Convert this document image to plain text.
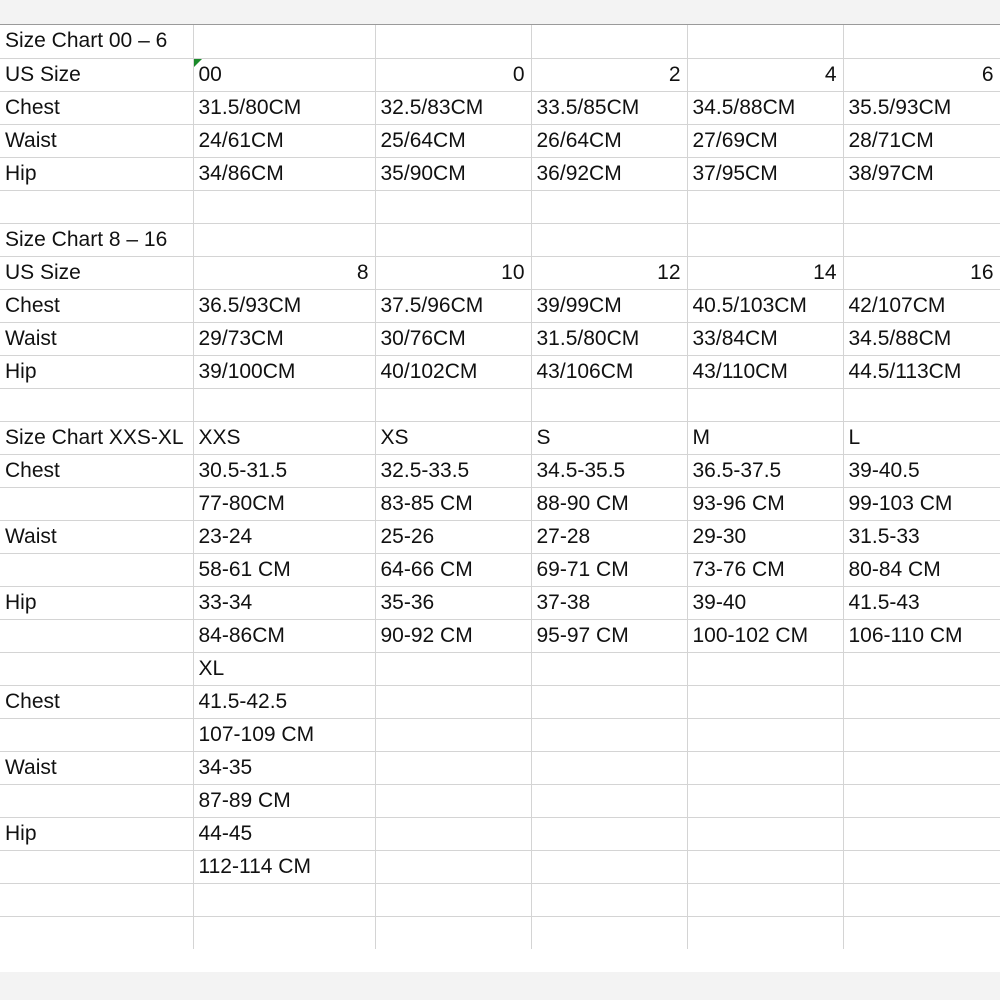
Size Chart 00 – 6					
US Size	00	0	2	4	6
Chest	31.5/80CM	32.5/83CM	33.5/85CM	34.5/88CM	35.5/93CM
Waist	24/61CM	25/64CM	26/64CM	27/69CM	28/71CM
Hip	34/86CM	35/90CM	36/92CM	37/95CM	38/97CM

Size Chart 8 – 16					
US Size	8	10	12	14	16
Chest	36.5/93CM	37.5/96CM	39/99CM	40.5/103CM	42/107CM
Waist	29/73CM	30/76CM	31.5/80CM	33/84CM	34.5/88CM
Hip	39/100CM	40/102CM	43/106CM	43/110CM	44.5/113CM

Size Chart XXS-XL	XXS	XS	S	M	L
Chest	30.5-31.5	32.5-33.5	34.5-35.5	36.5-37.5	39-40.5
	77-80CM	83-85 CM	88-90 CM	93-96 CM	99-103 CM
Waist	23-24	25-26	27-28	29-30	31.5-33
	58-61 CM	64-66 CM	69-71 CM	73-76 CM	80-84 CM
Hip	33-34	35-36	37-38	39-40	41.5-43
	84-86CM	90-92 CM	95-97 CM	100-102 CM	106-110 CM
	XL				
Chest	41.5-42.5				
	107-109 CM				
Waist	34-35				
	87-89 CM				
Hip	44-45				
	112-114 CM				
